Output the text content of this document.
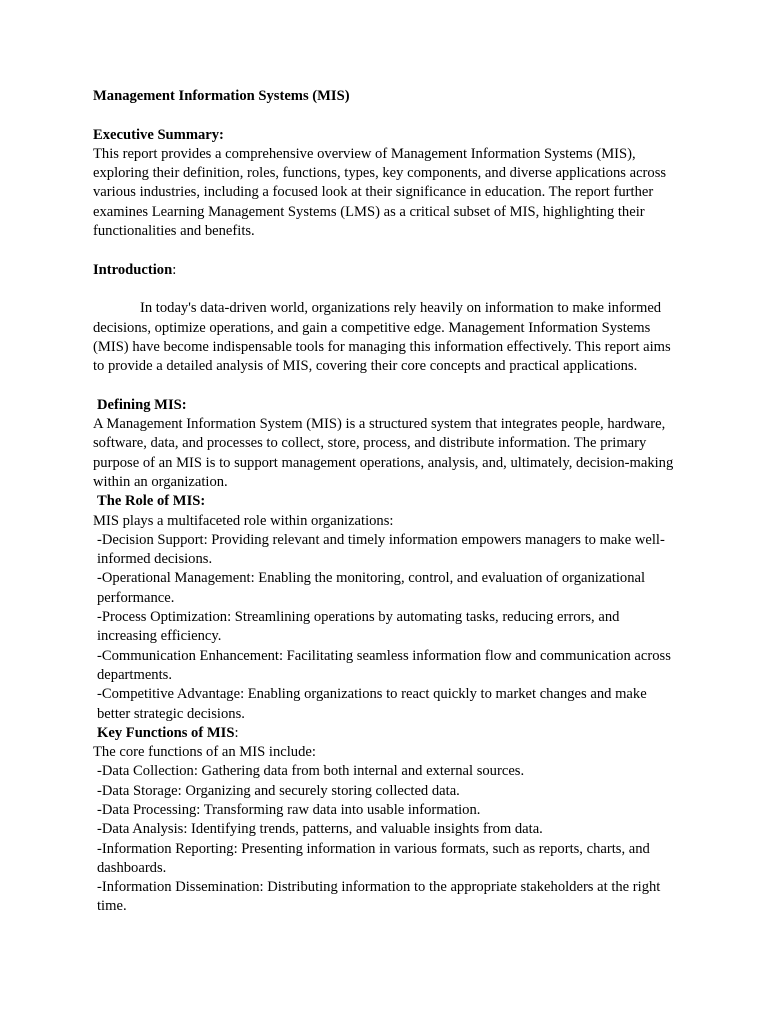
Management Information Systems (MIS)

Executive Summary:

This report provides a comprehensive overview of Management Information Systems (MIS), exploring their definition, roles, functions, types, key components, and diverse applications across various industries, including a focused look at their significance in education. The report further examines Learning Management Systems (LMS) as a critical subset of MIS, highlighting their functionalities and benefits.

Introduction:

In today's data-driven world, organizations rely heavily on information to make informed decisions, optimize operations, and gain a competitive edge. Management Information Systems (MIS) have become indispensable tools for managing this information effectively. This report aims to provide a detailed analysis of MIS, covering their core concepts and practical applications.

Defining MIS:

A Management Information System (MIS) is a structured system that integrates people, hardware, software, data, and processes to collect, store, process, and distribute information. The primary purpose of an MIS is to support management operations, analysis, and, ultimately, decision-making within an organization.

The Role of MIS:

MIS plays a multifaceted role within organizations:

-Decision Support: Providing relevant and timely information empowers managers to make well-informed decisions.

-Operational Management: Enabling the monitoring, control, and evaluation of organizational performance.

-Process Optimization: Streamlining operations by automating tasks, reducing errors, and increasing efficiency.

-Communication Enhancement: Facilitating seamless information flow and communication across departments.

-Competitive Advantage: Enabling organizations to react quickly to market changes and make better strategic decisions.

Key Functions of MIS:

The core functions of an MIS include:

-Data Collection: Gathering data from both internal and external sources.

-Data Storage: Organizing and securely storing collected data.

-Data Processing: Transforming raw data into usable information.

-Data Analysis: Identifying trends, patterns, and valuable insights from data.

-Information Reporting: Presenting information in various formats, such as reports, charts, and dashboards.

-Information Dissemination: Distributing information to the appropriate stakeholders at the right time.
